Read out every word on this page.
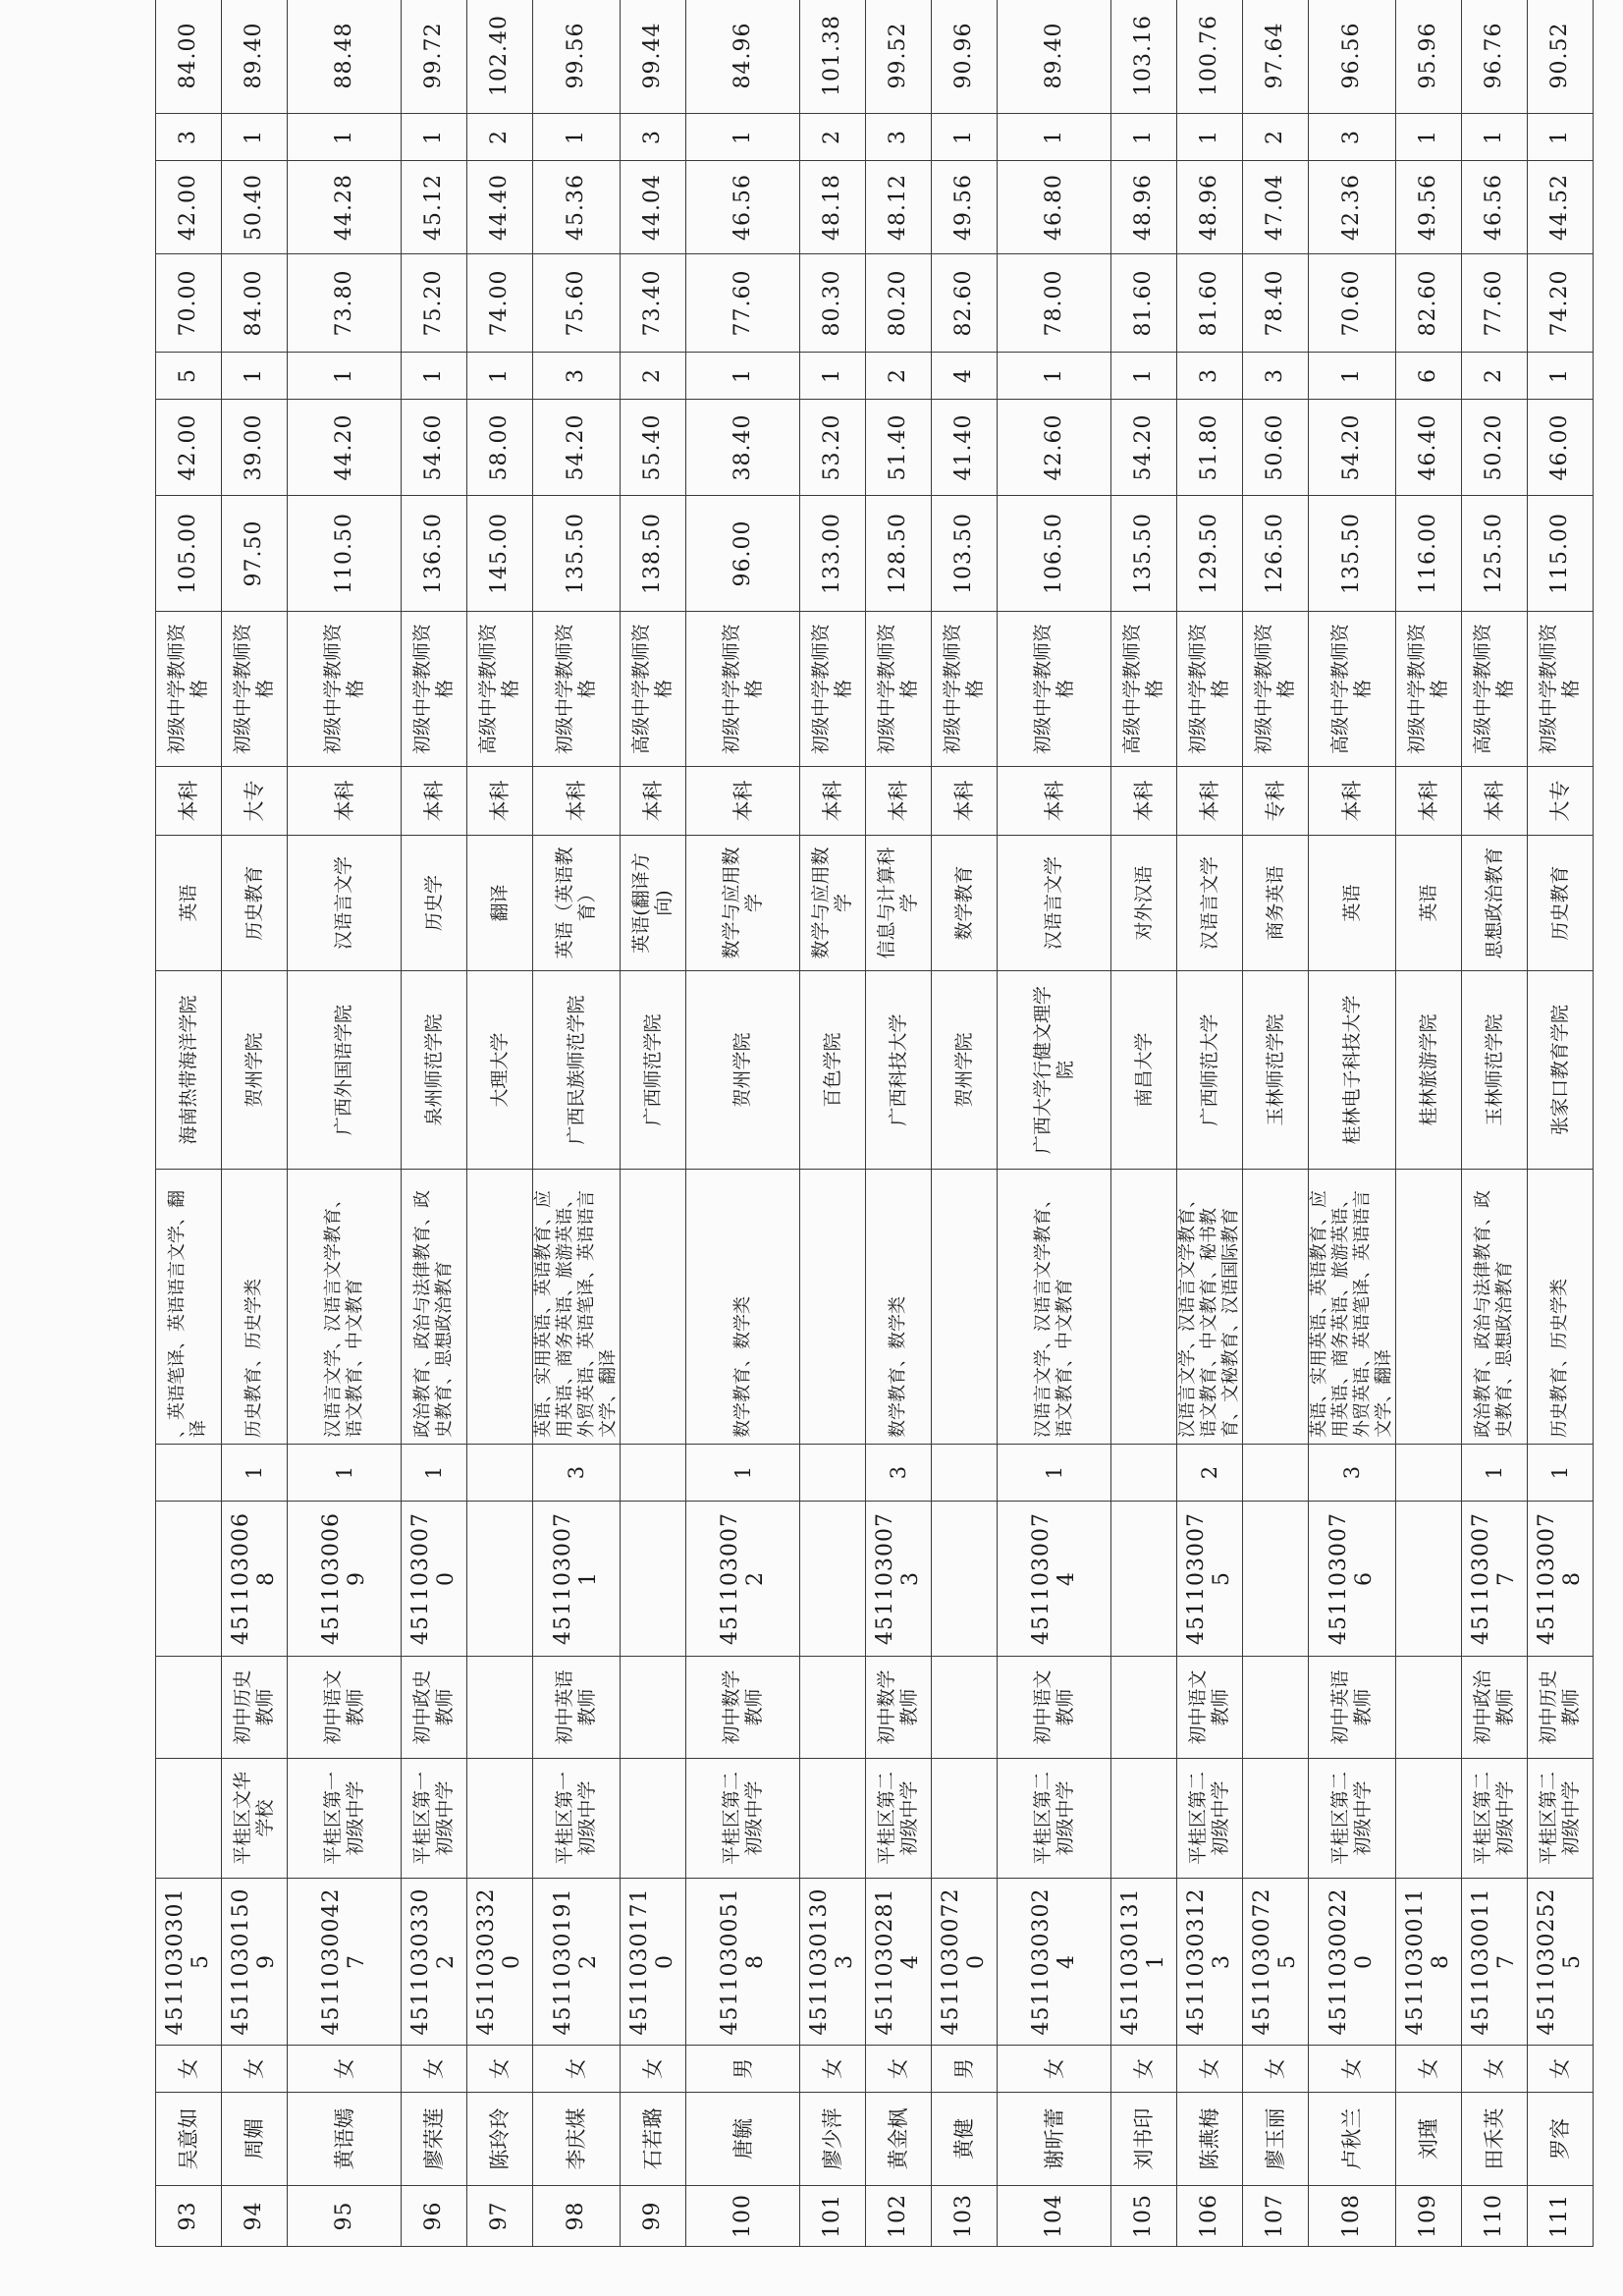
93	吴意如	女	45110303015					、英语笔译、英语语言文学、翻译	海南热带海洋学院	英语	本科	初级中学教师资格	105.00	42.00	5	70.00	42.00	3	84.00		
94	周媚	女	45110301509	平桂区文华学校	初中历史教师	4511030068	1	历史教育、历史学类	贺州学院	历史教育	大专	初级中学教师资格	97.50	39.00	1	84.00	50.40	1	89.40		
95	黄语嫣	女	45110300427	平桂区第一初级中学	初中语文教师	4511030069	1	汉语言文学、汉语言文学教育、语文教育、中文教育	广西外国语学院	汉语言文学	本科	初级中学教师资格	110.50	44.20	1	73.80	44.28	1	88.48		
96	廖荣莲	女	45110303302	平桂区第一初级中学	初中政史教师	4511030070	1	政治教育、政治与法律教育、政史教育、思想政治教育	泉州师范学院	历史学	本科	初级中学教师资格	136.50	54.60	1	75.20	45.12	1	99.72		
97	陈玲玲	女	45110303320						大理大学	翻译	本科	高级中学教师资格	145.00	58.00	1	74.00	44.40	2	102.40		
98	李庆煤	女	45110301912	平桂区第一初级中学	初中英语教师	4511030071	3	英语、实用英语、英语教育、应用英语、商务英语、旅游英语、外贸英语、英语笔译、英语语言文学、翻译	广西民族师范学院	英语（英语教育）	本科	初级中学教师资格	135.50	54.20	3	75.60	45.36	1	99.56		
99	石若璐	女	45110301710						广西师范学院	英语(翻译方向)	本科	高级中学教师资格	138.50	55.40	2	73.40	44.04	3	99.44		
100	唐毓	男	45110300518	平桂区第二初级中学	初中数学教师	4511030072	1	数学教育、数学类	贺州学院	数学与应用数学	本科	初级中学教师资格	96.00	38.40	1	77.60	46.56	1	84.96		
101	廖少萍	女	45110301303						百色学院	数学与应用数学	本科	初级中学教师资格	133.00	53.20	1	80.30	48.18	2	101.38		
102	黄金枫	女	45110302814	平桂区第二初级中学	初中数学教师	4511030073	3	数学教育、数学类	广西科技大学	信息与计算科学	本科	初级中学教师资格	128.50	51.40	2	80.20	48.12	3	99.52		
103	黄健	男	45110300720						贺州学院	数学教育	本科	初级中学教师资格	103.50	41.40	4	82.60	49.56	1	90.96		
104	谢昕蕾	女	45110303024	平桂区第二初级中学	初中语文教师	4511030074	1	汉语言文学、汉语言文学教育、语文教育、中文教育	广西大学行健文理学院	汉语言文学	本科	初级中学教师资格	106.50	42.60	1	78.00	46.80	1	89.40		
105	刘书印	女	45110301311						南昌大学	对外汉语	本科	高级中学教师资格	135.50	54.20	1	81.60	48.96	1	103.16		
106	陈燕梅	女	45110303123	平桂区第二初级中学	初中语文教师	4511030075	2	汉语言文学、汉语言文学教育、语文教育、中文教育、秘书教育、文秘教育、汉语国际教育	广西师范大学	汉语言文学	本科	初级中学教师资格	129.50	51.80	3	81.60	48.96	1	100.76		
107	廖玉丽	女	45110300725						玉林师范学院	商务英语	专科	初级中学教师资格	126.50	50.60	3	78.40	47.04	2	97.64		
108	卢秋兰	女	45110300220	平桂区第二初级中学	初中英语教师	4511030076	3	英语、实用英语、英语教育、应用英语、商务英语、旅游英语、外贸英语、英语笔译、英语语言文学、翻译	桂林电子科技大学	英语	本科	高级中学教师资格	135.50	54.20	1	70.60	42.36	3	96.56		
109	刘瑾	女	45110300118						桂林旅游学院	英语	本科	初级中学教师资格	116.00	46.40	6	82.60	49.56	1	95.96		
110	田禾英	女	45110300117	平桂区第二初级中学	初中政治教师	4511030077	1	政治教育、政治与法律教育、政史教育、思想政治教育	玉林师范学院	思想政治教育	本科	高级中学教师资格	125.50	50.20	2	77.60	46.56	1	96.76		
111	罗容	女	45110302525	平桂区第二初级中学	初中历史教师	4511030078	1	历史教育、历史学类	张家口教育学院	历史教育	大专	初级中学教师资格	115.00	46.00	1	74.20	44.52	1	90.52		
